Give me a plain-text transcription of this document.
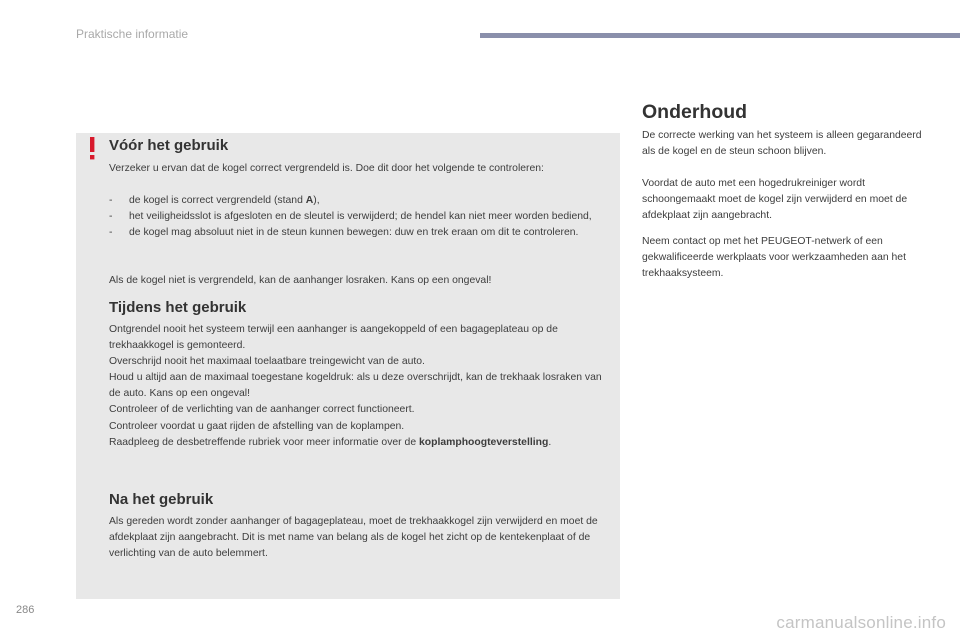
Praktische informatie
Vóór het gebruik

Verzeker u ervan dat de kogel correct vergrendeld is. Doe dit door het volgende te controleren:

- de kogel is correct vergrendeld (stand A),
- het veiligheidsslot is afgesloten en de sleutel is verwijderd; de hendel kan niet meer worden bediend,
- de kogel mag absoluut niet in de steun kunnen bewegen: duw en trek eraan om dit te controleren.

Als de kogel niet is vergrendeld, kan de aanhanger losraken. Kans op een ongeval!

Tijdens het gebruik
Ontgrendel nooit het systeem terwijl een aanhanger is aangekoppeld of een bagageplateau op de trekhaakkogel is gemonteerd.
Overschrijd nooit het maximaal toelaatbare treingewicht van de auto.
Houd u altijd aan de maximaal toegestane kogeldruk: als u deze overschrijdt, kan de trekhaak losraken van de auto. Kans op een ongeval!
Controleer of de verlichting van de aanhanger correct functioneert.
Controleer voordat u gaat rijden de afstelling van de koplampen.
Raadpleeg de desbetreffende rubriek voor meer informatie over de koplamphoogteverstelling.
Na het gebruik

Als gereden wordt zonder aanhanger of bagageplateau, moet de trekhaakkogel zijn verwijderd en moet de afdekplaat zijn aangebracht. Dit is met name van belang als de kogel het zicht op de kentekenplaat of de verlichting van de auto belemmert.

Onderhoud

De correcte werking van het systeem is alleen gegarandeerd als de kogel en de steun schoon blijven.

Voordat de auto met een hogedrukreiniger wordt schoongemaakt moet de kogel zijn verwijderd en moet de afdekplaat zijn aangebracht.

Neem contact op met het PEUGEOT-netwerk of een gekwalificeerde werkplaats voor werkzaamheden aan het trekhaaksysteem.

286
carmanualsonline.info
